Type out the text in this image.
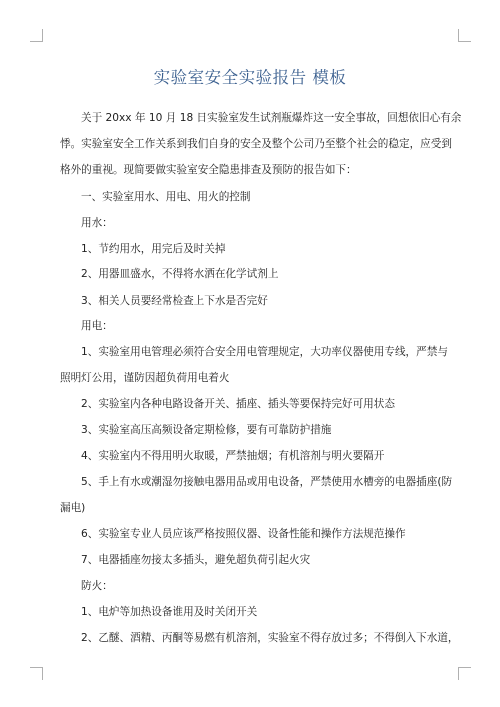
实验室安全实验报告 模板
关于 20xx 年 10 月 18 日实验室发生试剂瓶爆炸这一安全事故，回想依旧心有余
悸。实验室安全工作关系到我们自身的安全及整个公司乃至整个社会的稳定，应受到
格外的重视。现简要做实验室安全隐患排查及预防的报告如下：
一、实验室用水、用电、用火的控制
用水：
1、节约用水，用完后及时关掉
2、用器皿盛水，不得将水洒在化学试剂上
3、相关人员要经常检查上下水是否完好
用电：
1、实验室用电管理必须符合安全用电管理规定，大功率仪器使用专线，严禁与
照明灯公用，谨防因超负荷用电着火
2、实验室内各种电路设备开关、插座、插头等要保持完好可用状态
3、实验室高压高频设备定期检修，要有可靠防护措施
4、实验室内不得用明火取暖，严禁抽烟；有机溶剂与明火要隔开
5、手上有水或潮湿勿接触电器用品或用电设备，严禁使用水槽旁的电器插座(防
漏电)
6、实验室专业人员应该严格按照仪器、设备性能和操作方法规范操作
7、电器插座勿接太多插头，避免超负荷引起火灾
防火：
1、电炉等加热设备谁用及时关闭开关
2、乙醚、酒精、丙酮等易燃有机溶剂，实验室不得存放过多；不得倒入下水道，
